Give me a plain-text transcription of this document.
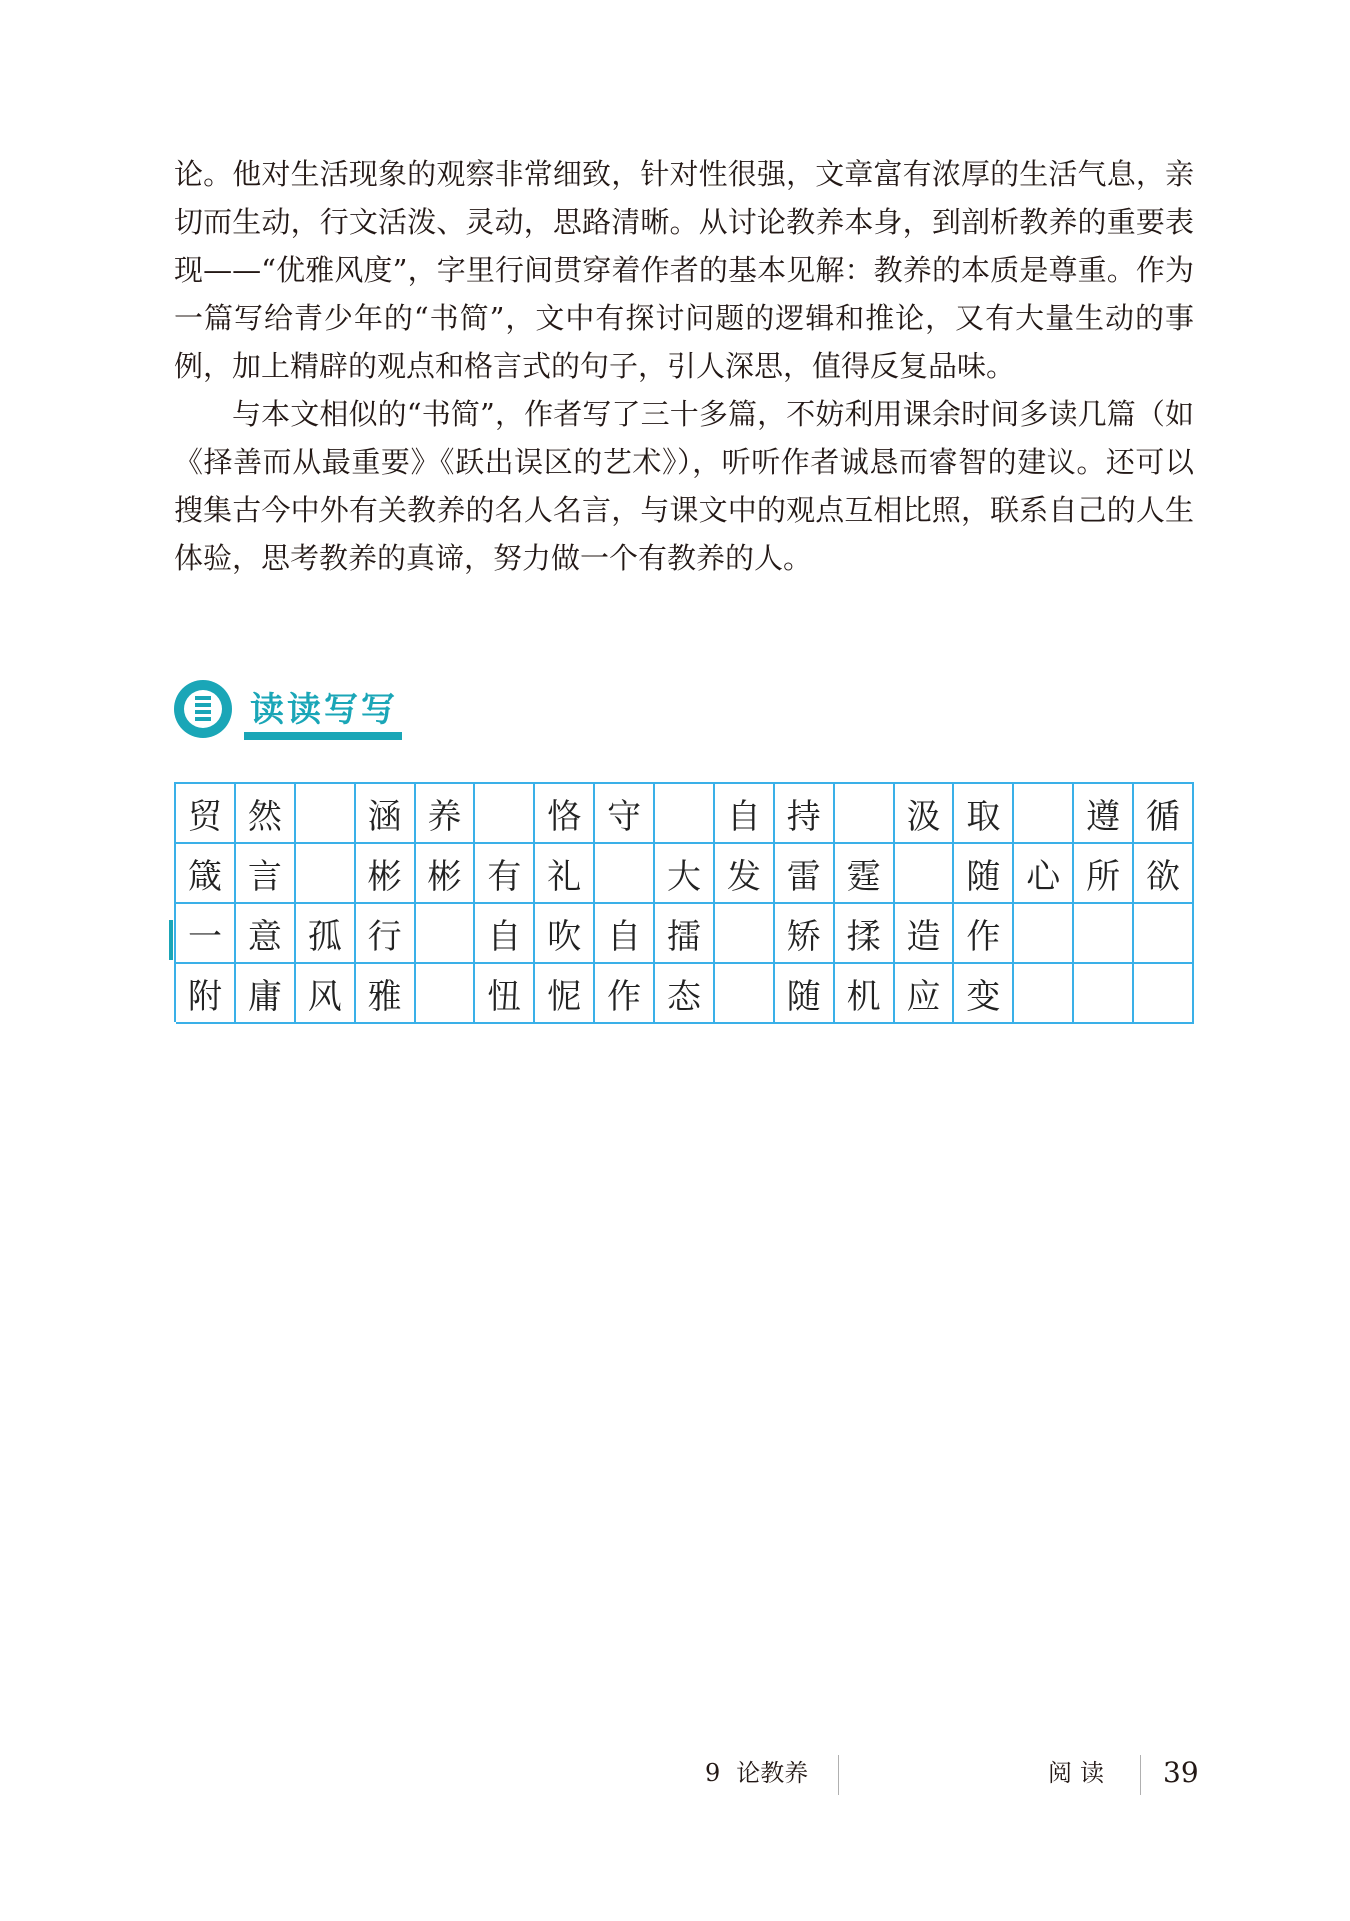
论。他对生活现象的观察非常细致，针对性很强，文章富有浓厚的生活气息，亲切而生动，行文活泼、灵动，思路清晰。从讨论教养本身，到剖析教养的重要表现——“优雅风度”，字里行间贯穿着作者的基本见解：教养的本质是尊重。作为一篇写给青少年的“书简”，文中有探讨问题的逻辑和推论，又有大量生动的事例，加上精辟的观点和格言式的句子，引人深思，值得反复品味。

与本文相似的“书简”，作者写了三十多篇，不妨利用课余时间多读几篇（如《择善而从最重要》《跃出误区的艺术》），听听作者诚恳而睿智的建议。还可以搜集古今中外有关教养的名人名言，与课文中的观点互相比照，联系自己的人生体验，思考教养的真谛，努力做一个有教养的人。

读读写写
贸 然	涵 养	恪 守	自 持	汲 取	遵 循
箴 言	彬 彬 有 礼	大 发 雷 霆	随 心 所 欲
一 意 孤 行	自 吹 自 擂	矫 揉 造 作
附 庸 风 雅	忸 怩 作 态	随 机 应 变
9 论教养	阅读 39
